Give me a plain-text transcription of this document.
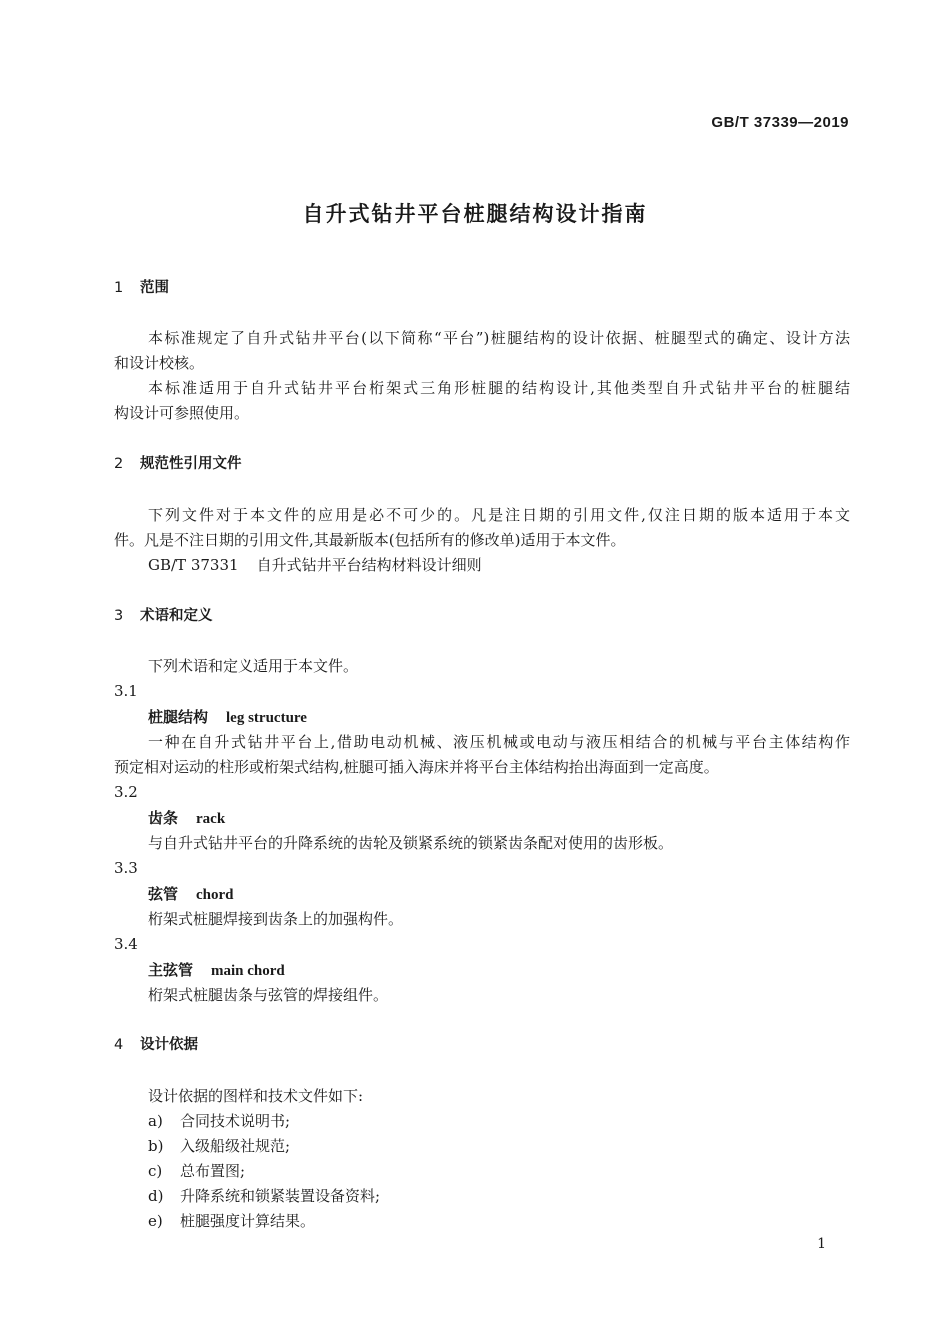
GB/T 37339—2019
自升式钻井平台桩腿结构设计指南
1 范围
本标准规定了自升式钻井平台(以下简称“平台”)桩腿结构的设计依据、桩腿型式的确定、设计方法
和设计校核。
本标准适用于自升式钻井平台桁架式三角形桩腿的结构设计,其他类型自升式钻井平台的桩腿结
构设计可参照使用。
2 规范性引用文件
下列文件对于本文件的应用是必不可少的。凡是注日期的引用文件,仅注日期的版本适用于本文
件。凡是不注日期的引用文件,其最新版本(包括所有的修改单)适用于本文件。
GB/T 37331 自升式钻井平台结构材料设计细则
3 术语和定义
下列术语和定义适用于本文件。
3.1
桩腿结构 leg structure
一种在自升式钻井平台上,借助电动机械、液压机械或电动与液压相结合的机械与平台主体结构作
预定相对运动的柱形或桁架式结构,桩腿可插入海床并将平台主体结构抬出海面到一定高度。
3.2
齿条 rack
与自升式钻井平台的升降系统的齿轮及锁紧系统的锁紧齿条配对使用的齿形板。
3.3
弦管 chord
桁架式桩腿焊接到齿条上的加强构件。
3.4
主弦管 main chord
桁架式桩腿齿条与弦管的焊接组件。
4 设计依据
设计依据的图样和技术文件如下:
a) 合同技术说明书;
b) 入级船级社规范;
c) 总布置图;
d) 升降系统和锁紧装置设备资料;
e) 桩腿强度计算结果。
1
